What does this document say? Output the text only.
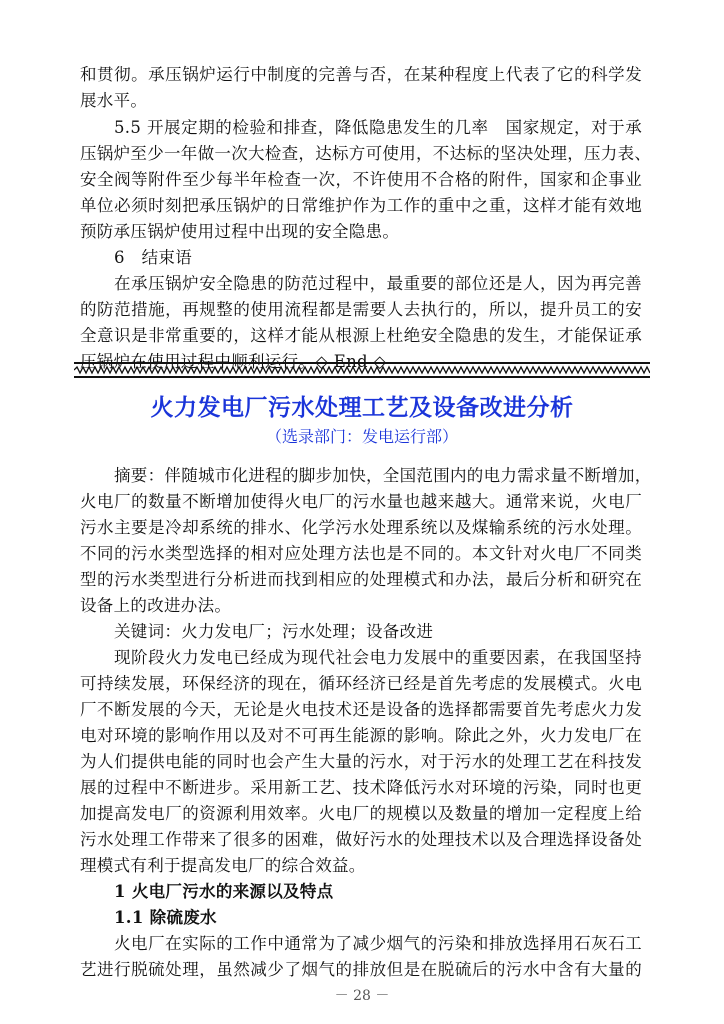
和贯彻。承压锅炉运行中制度的完善与否，在某种程度上代表了它的科学发
展水平。
5.5 开展定期的检验和排查，降低隐患发生的几率　国家规定，对于承
压锅炉至少一年做一次大检查，达标方可使用，不达标的坚决处理，压力表、
安全阀等附件至少每半年检查一次，不许使用不合格的附件，国家和企事业
单位必须时刻把承压锅炉的日常维护作为工作的重中之重，这样才能有效地
预防承压锅炉使用过程中出现的安全隐患。
6　结束语
在承压锅炉安全隐患的防范过程中，最重要的部位还是人，因为再完善
的防范措施，再规整的使用流程都是需要人去执行的，所以，提升员工的安
全意识是非常重要的，这样才能从根源上杜绝安全隐患的发生，才能保证承
压锅炉在使用过程中顺利运行。◇ End ◇
火力发电厂污水处理工艺及设备改进分析
（选录部门：发电运行部）
摘要：伴随城市化进程的脚步加快，全国范围内的电力需求量不断增加，
火电厂的数量不断增加使得火电厂的污水量也越来越大。通常来说，火电厂
污水主要是冷却系统的排水、化学污水处理系统以及煤输系统的污水处理。
不同的污水类型选择的相对应处理方法也是不同的。本文针对火电厂不同类
型的污水类型进行分析进而找到相应的处理模式和办法，最后分析和研究在
设备上的改进办法。
关键词：火力发电厂；污水处理；设备改进
现阶段火力发电已经成为现代社会电力发展中的重要因素，在我国坚持
可持续发展，环保经济的现在，循环经济已经是首先考虑的发展模式。火电
厂不断发展的今天，无论是火电技术还是设备的选择都需要首先考虑火力发
电对环境的影响作用以及对不可再生能源的影响。除此之外，火力发电厂在
为人们提供电能的同时也会产生大量的污水，对于污水的处理工艺在科技发
展的过程中不断进步。采用新工艺、技术降低污水对环境的污染，同时也更
加提高发电厂的资源利用效率。火电厂的规模以及数量的增加一定程度上给
污水处理工作带来了很多的困难，做好污水的处理技术以及合理选择设备处
理模式有利于提高发电厂的综合效益。
1 火电厂污水的来源以及特点
1.1 除硫废水
火电厂在实际的工作中通常为了减少烟气的污染和排放选择用石灰石工
艺进行脱硫处理，虽然减少了烟气的排放但是在脱硫后的污水中含有大量的
－ 28 －
